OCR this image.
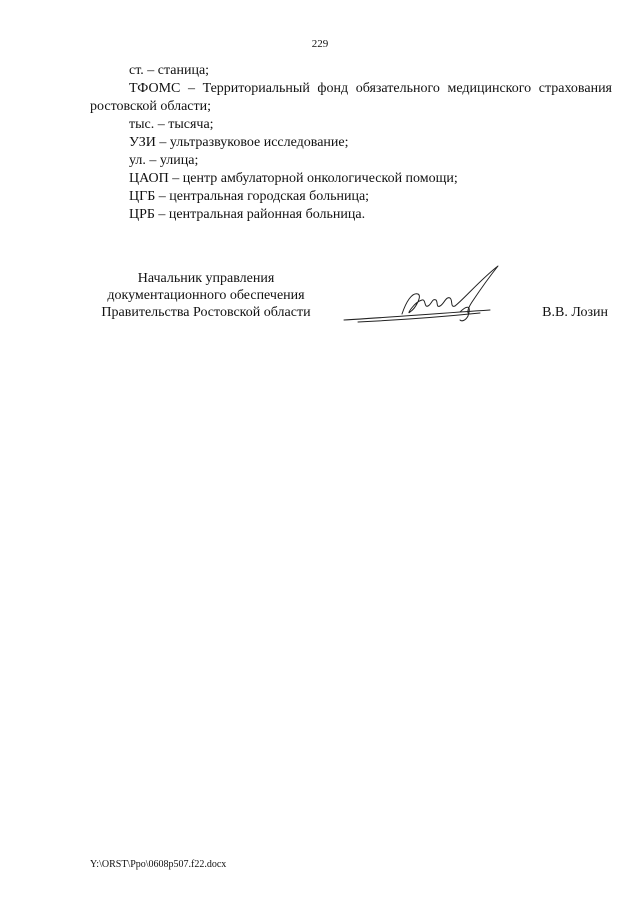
229

ст. – станица;

ТФОМС – Территориальный фонд обязательного медицинского страхования ростовской области;

тыс. – тысяча;

УЗИ – ультразвуковое исследование;

ул. – улица;

ЦАОП – центр амбулаторной онкологической помощи;

ЦГБ – центральная городская больница;

ЦРБ – центральная районная больница.

Начальник управления
документационного обеспечения
Правительства Ростовской области	В.В. Лозин
Y:\ORST\Ppo\0608p507.f22.docx
